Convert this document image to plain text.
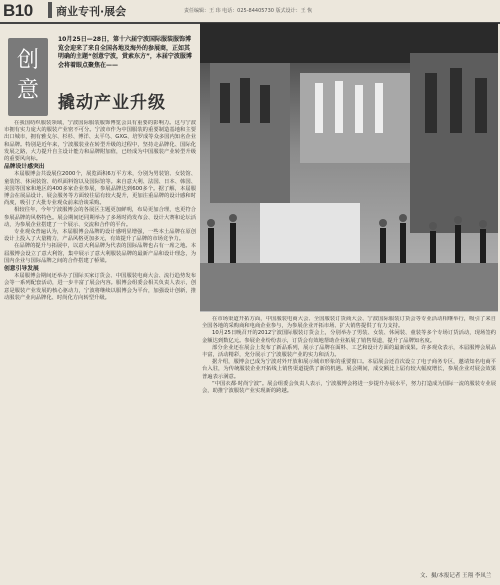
B10 商业专刊·展会	责任编辑：王 玮 电话：025-84405730 版式设计：王 恢
创
意

10月25日—28日，第十六届宁波国际服装服饰博览会迎来了来自全国各地及海外的参展商，正如其明确的主题“创意宁波，赏索东方”，本届宁波服博会将着眼点聚焦在——

撬动产业升级

在我国纺织服装领域，宁波国际服装服饰博览会具有重要的影响力。这与宁波市拥有实力庞大的服装产业密不可分。宁波市作为中国服装的重要制造基地和主要出口城市，拥有雅戈尔、杉杉、博洋、太平鸟、GXG、培罗成等众多国内知名企业和品牌。特别是近年来，宁波服装业在转型升级的过程中，坚持走品牌化、国际化发展之路，大力提升自主设计能力和品牌附加值，已经成为中国服装产业转型升级的重要风向标。

品牌设计感突出

本届服博会共设展位2000个，展览面积6万平方米，分别为男装馆、女装馆、童装馆、休闲装馆、纺织面料馆以及国际馆等。来自意大利、法国、日本、韩国、美国等国家和地区的400多家企业参展，参展品牌达到600多个。据了解，本届服博会在展品设计、展会服务等方面较往届有较大提升，更加注重品牌的设计感和时尚度，吸引了大批专业观众前来洽谈采购。

相较往年，今年宁波服博会的各展区主题更加鲜明，布局更加合理，也更符合参展品牌的风格特色。展会期间还同期举办了多场时尚发布会、设计大赛和论坛活动，为参展企业搭建了一个展示、交流和合作的平台。

专业观众普遍认为，本届服博会品牌的设计感明显增强，一些本土品牌在原创设计上投入了大量精力，产品风格更加多元，有效提升了品牌的市场竞争力。

在品牌的提升与拓展中，以意大利品牌为代表的国际品牌也占有一席之地。本届服博会设立了意大利馆，集中展示了意大利服装品牌的最新产品和设计理念，为国内企业与国际品牌之间的合作搭建了桥梁。

创意引导发展

本届服博会期间还举办了国际买家订货会、中国服装电商大会、流行趋势发布会等一系列配套活动，进一步丰富了展会内容。服博会组委会相关负责人表示，创意是服装产业发展的核心驱动力，宁波将继续以服博会为平台，加强设计创新，推动服装产业向品牌化、时尚化方向转型升级。

在市场渠道开拓方面，中国服装电商大会、全国服装订货商大会、宁波国际服装订货会等专业活动相继举行，吸引了来自全国各地的采购商和电商企业参与，为参展企业开拓市场、扩大销售提供了有力支持。

10月25日晚召开的2012宁波国际服装订货会上，分别举办了男装、女装、休闲装、童装等多个专场订货活动，现场签约金额达到数亿元。参展企业纷纷表示，订货会有效地帮助企业拓展了销售渠道，提升了品牌知名度。

部分企业还在展会上发布了新品系列，展示了品牌在面料、工艺和设计方面的最新成果。许多观众表示，本届服博会展品丰富，活动精彩，充分展示了宁波服装产业的实力和活力。

据介绍，服博会已成为宁波对外开放和展示城市形象的重要窗口。本届展会还首次设立了电子商务专区，邀请知名电商平台入驻，为传统服装企业开拓线上销售渠道提供了新的机遇。展会期间，成交额比上届有较大幅度增长，参展企业对展会效果普遍表示满意。

“中国衣都·时尚宁波”。展会组委会负责人表示，宁波服博会将进一步提升办展水平，努力打造成为国际一流的服装专业展会，助推宁波服装产业实现新的跨越。

文、摄/本报记者 王翔 李凤兰
